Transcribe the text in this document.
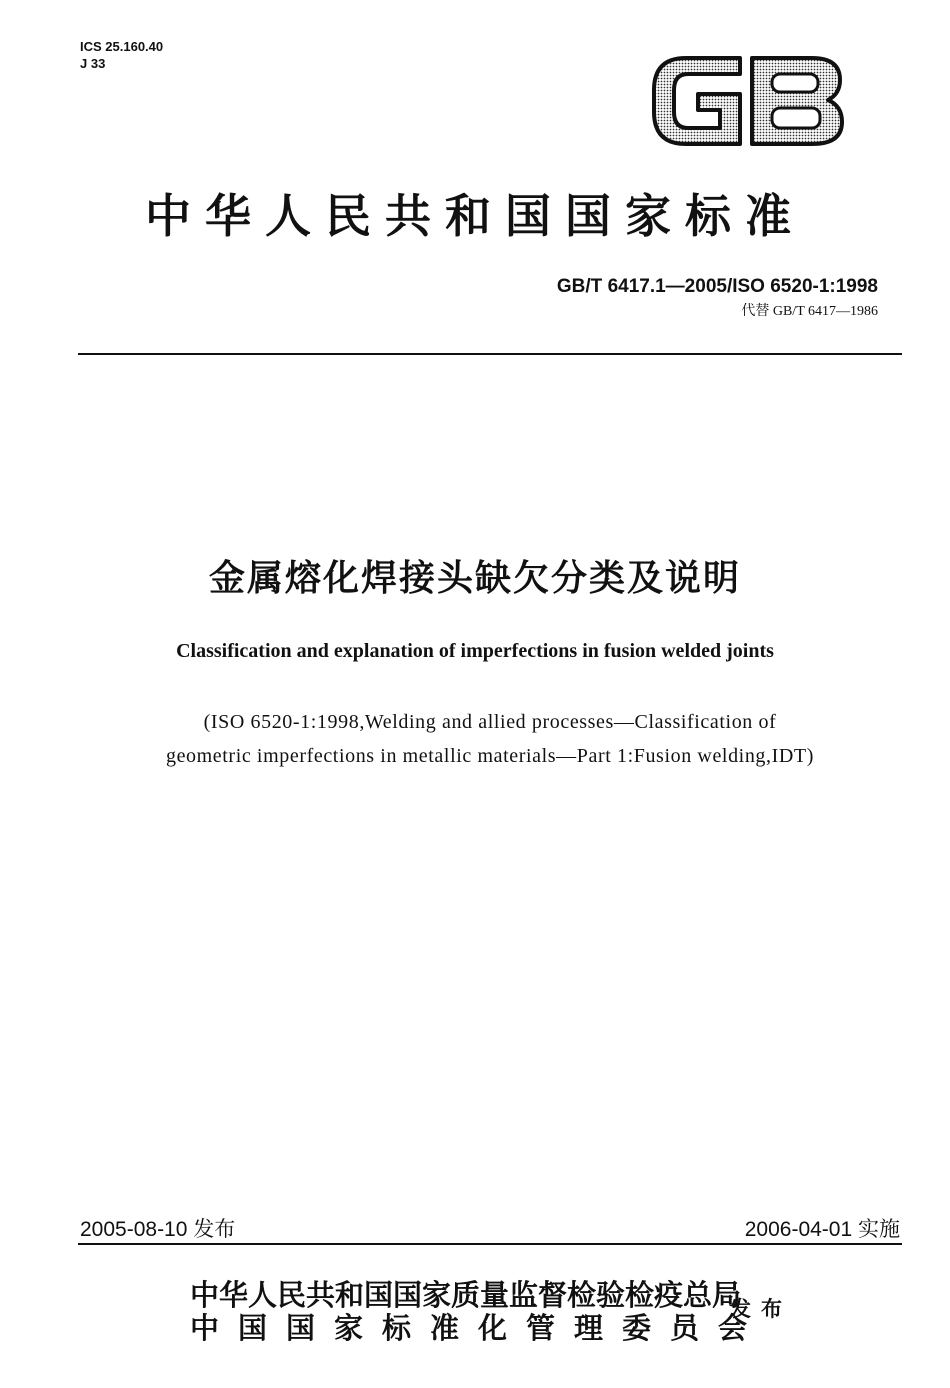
ICS 25.160.40
J 33
GB
中华人民共和国国家标准
GB/T 6417.1—2005/ISO 6520-1:1998
代替 GB/T 6417—1986
金属熔化焊接头缺欠分类及说明
Classification and explanation of imperfections in fusion welded joints
(ISO 6520-1:1998,Welding and allied processes—Classification of
geometric imperfections in metallic materials—Part 1:Fusion welding,IDT)
2005-08-10 发布	2006-04-01 实施
中华人民共和国国家质量监督检验检疫总局
中国国家标准化管理委员会
发布
